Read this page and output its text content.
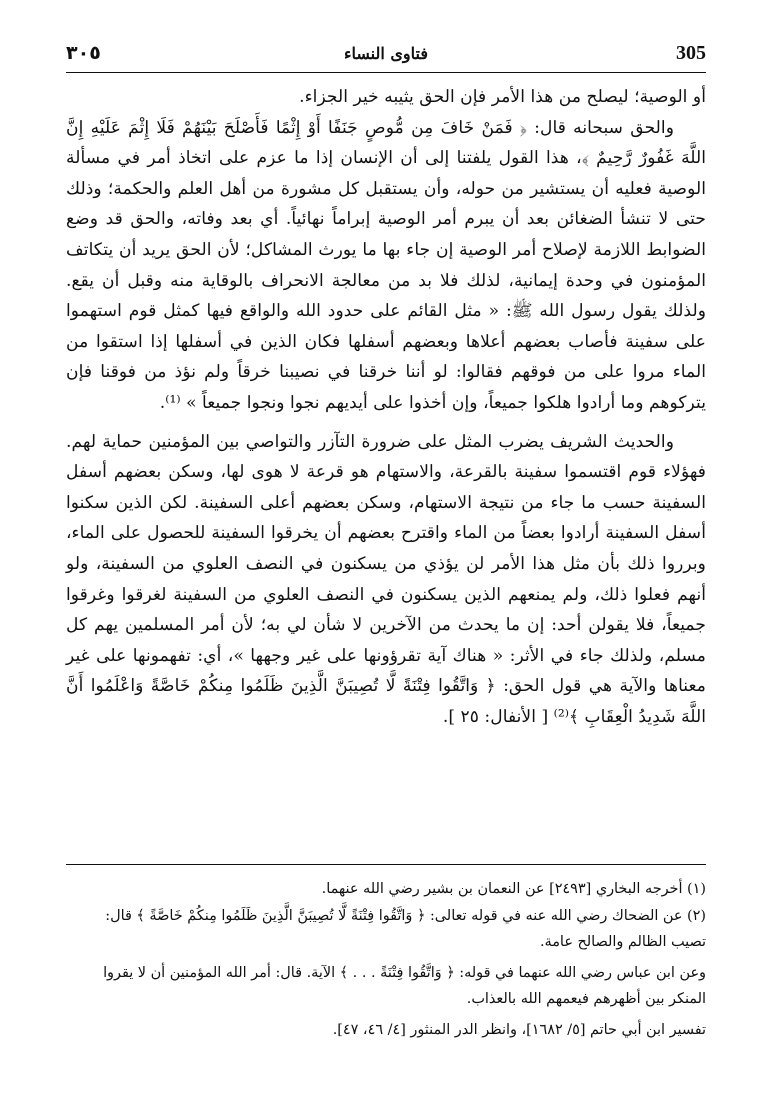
٣٠٥	فتاوى النساء	305

أو الوصية؛ ليصلح من هذا الأمر فإن الحق يثيبه خير الجزاء.

والحق سبحانه قال: ﴿ فَمَنْ خَافَ مِن مُّوصٍ جَنَفًا أَوْ إِثْمًا فَأَصْلَحَ بَيْنَهُمْ فَلَا إِثْمَ عَلَيْهِ إِنَّ اللَّهَ غَفُورٌ رَّحِيمٌ ﴾، هذا القول يلفتنا إلى أن الإنسان إذا ما عزم على اتخاذ أمر في مسألة الوصية فعليه أن يستشير من حوله، وأن يستقبل كل مشورة من أهل العلم والحكمة؛ وذلك حتى لا تنشأ الضغائن بعد أن يبرم أمر الوصية إبراماً نهائياً. أي بعد وفاته، والحق قد وضع الضوابط اللازمة لإصلاح أمر الوصية إن جاء بها ما يورث المشاكل؛ لأن الحق يريد أن يتكاتف المؤمنون في وحدة إيمانية، لذلك فلا بد من معالجة الانحراف بالوقاية منه وقبل أن يقع. ولذلك يقول رسول الله ﷺ: « مثل القائم على حدود الله والواقع فيها كمثل قوم استهموا على سفينة فأصاب بعضهم أعلاها وبعضهم أسفلها فكان الذين في أسفلها إذا استقوا من الماء مروا على من فوقهم فقالوا: لو أننا خرقنا في نصيبنا خرقاً ولم نؤذ من فوقنا فإن يتركوهم وما أرادوا هلكوا جميعاً، وإن أخذوا على أيديهم نجوا ونجوا جميعاً » ⁽¹⁾.

والحديث الشريف يضرب المثل على ضرورة التآزر والتواصي بين المؤمنين حماية لهم. فهؤلاء قوم اقتسموا سفينة بالقرعة، والاستهام هو قرعة لا هوى لها، وسكن بعضهم أسفل السفينة حسب ما جاء من نتيجة الاستهام، وسكن بعضهم أعلى السفينة. لكن الذين سكنوا أسفل السفينة أرادوا بعضاً من الماء واقترح بعضهم أن يخرقوا السفينة للحصول على الماء، وبرروا ذلك بأن مثل هذا الأمر لن يؤذي من يسكنون في النصف العلوي من السفينة، ولو أنهم فعلوا ذلك، ولم يمنعهم الذين يسكنون في النصف العلوي من السفينة لغرقوا وغرقوا جميعاً، فلا يقولن أحد: إن ما يحدث من الآخرين لا شأن لي به؛ لأن أمر المسلمين يهم كل مسلم، ولذلك جاء في الأثر: « هناك آية تقرؤونها على غير وجهها »، أي: تفهمونها على غير معناها والآية هي قول الحق: ﴿ وَاتَّقُوا فِتْنَةً لَّا تُصِيبَنَّ الَّذِينَ ظَلَمُوا مِنكُمْ خَاصَّةً وَاعْلَمُوا أَنَّ اللَّهَ شَدِيدُ الْعِقَابِ ﴾⁽²⁾ [ الأنفال: ٢٥ ].

(١) أخرجه البخاري [٢٤٩٣] عن النعمان بن بشير رضي الله عنهما.

(٢) عن الضحاك رضي الله عنه في قوله تعالى: ﴿ وَاتَّقُوا فِتْنَةً لَّا تُصِيبَنَّ الَّذِينَ ظَلَمُوا مِنكُمْ خَاصَّةً ﴾ قال: تصيب الظالم والصالح عامة.

وعن ابن عباس رضي الله عنهما في قوله: ﴿ وَاتَّقُوا فِتْنَةً . . . ﴾ الآية. قال: أمر الله المؤمنين أن لا يقروا المنكر بين أظهرهم فيعمهم الله بالعذاب.

تفسير ابن أبي حاتم [٥/ ١٦٨٢]، وانظر الدر المنثور [٤/ ٤٦، ٤٧].
